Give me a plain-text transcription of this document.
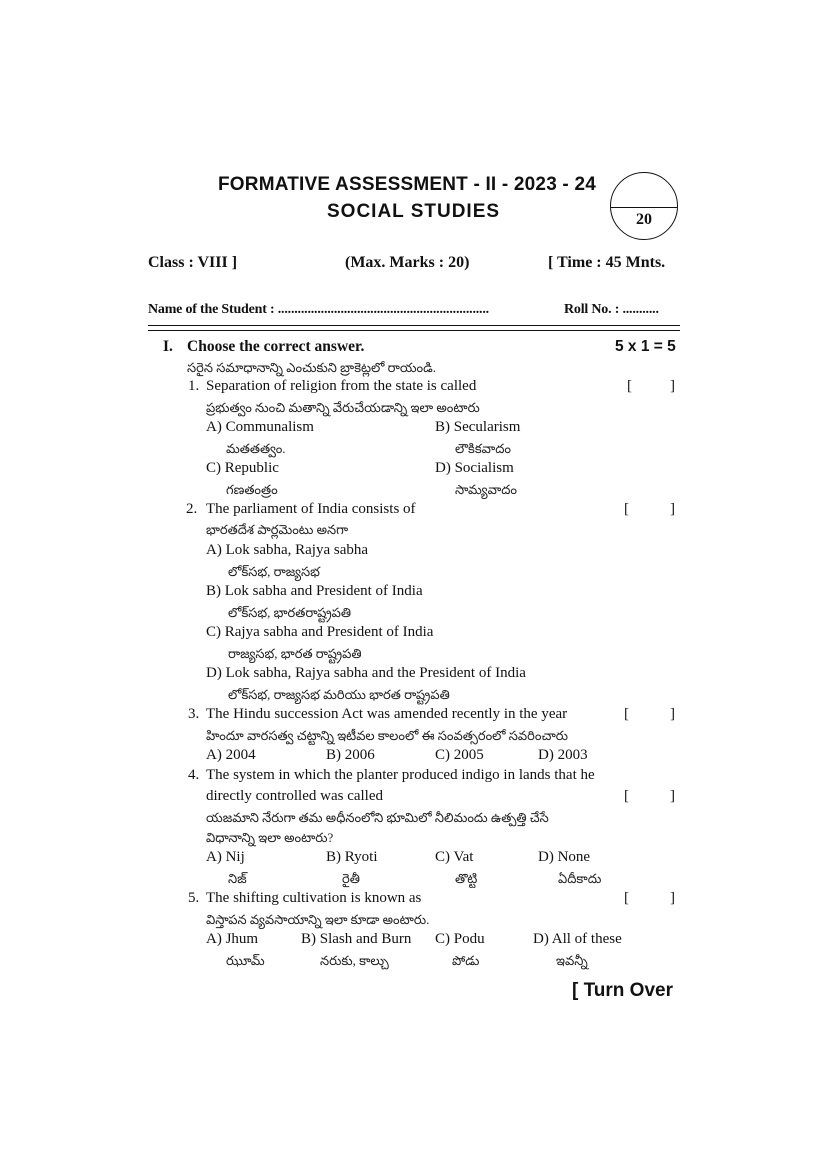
FORMATIVE ASSESSMENT - II - 2023 - 24
SOCIAL STUDIES	20
Class : VIII ]	(Max. Marks : 20)	[ Time : 45 Mnts.
Name of the Student : ................................................................	Roll No. : ...........
I. Choose the correct answer.	5 x 1 = 5
సరైన సమాధానాన్ని ఎంచుకుని బ్రాకెట్లలో రాయండి.
1. Separation of religion from the state is called	[	]
ప్రభుత్వం నుంచి మతాన్ని వేరుచేయడాన్ని ఇలా అంటారు
A) Communalism
మతతత్వం.
B) Secularism
లౌకికవాదం
C) Republic
గణతంత్రం
D) Socialism
సామ్యవాదం
2. The parliament of India consists of	[	]
భారతదేశ పార్లమెంటు అనగా
A) Lok sabha, Rajya sabha
లోక్‌సభ, రాజ్యసభ
B) Lok sabha and President of India
లోక్‌సభ, భారతరాష్ట్రపతి
C) Rajya sabha and President of India
రాజ్యసభ, భారత రాష్ట్రపతి
D) Lok sabha, Rajya sabha and the President of India
లోక్‌సభ, రాజ్యసభ మరియు భారత రాష్ట్రపతి
3. The Hindu succession Act was amended recently in the year	[	]
హిందూ వారసత్వ చట్టాన్ని ఇటీవల కాలంలో ఈ సంవత్సరంలో సవరించారు
A) 2004	B) 2006	C) 2005	D) 2003
4. The system in which the planter produced indigo in lands that he
directly controlled was called	[	]
యజమాని నేరుగా తమ అధీనంలోని భూమిలో నీలిమందు ఉత్పత్తి చేసే
విధానాన్ని ఇలా అంటారు?
A) Nij
నిజ్
B) Ryoti
రైతీ
C) Vat
తొట్టి
D) None
ఏదీకాదు
5. The shifting cultivation is known as	[	]
విస్తాపన వ్యవసాయాన్ని ఇలా కూడా అంటారు.
A) Jhum
ఝూమ్
B) Slash and Burn
నరుకు, కాల్చు
C) Podu
పోడు
D) All of these
ఇవన్నీ
[ Turn Over
